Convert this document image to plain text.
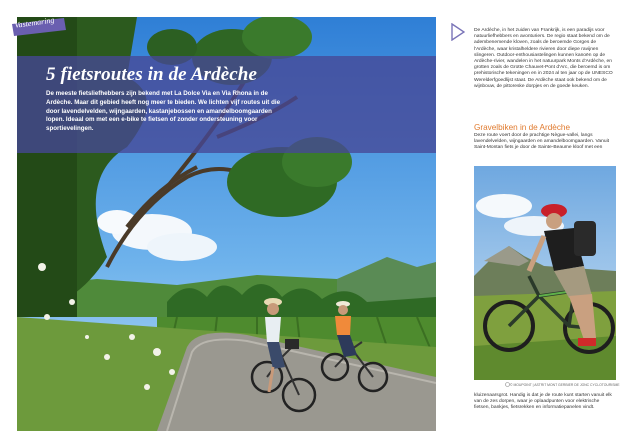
Vastemaring
5 fietsroutes in de Ardèche
De meeste fietsliefhebbers zijn bekend met La Dolce Via en Via Rhona in de Ardèche. Maar dit gebied heeft nog meer te bieden. We lichten vijf routes uit die door lavendelvelden, wijngaarden, kastanjebossen en amandelboomgaarden lopen. Ideaal om met een e-bike te fietsen of zonder ondersteuning voor sportievelingen.
De Ardèche, in het zuiden van Frankrijk, is een paradijs voor natuurliefhebbers en avonturiers. De regio staat bekend om de adembenemende kloven, zoals de beroemde Gorges de l'Ardèche, waar kristalheldere rivieren door diepe ravijnen slingeren. Outdoor-enthousiastelingen kunnen kanoën op de Ardèche-rivier, wandelen in het natuurpark Monts d'Ardèche, en grotten zoals de Grotte Chauvet-Pont d'Arc, die beroemd is om prehistorische tekeningen en in 2024 al ten jaar op de UNESCO Werelderfgoedlijst staat. De Ardèche staat ook bekend om de wijnbouw, de pittoreske dorpjes en de goede keuken.
Gravelbiken in de Ardèche
Deze route voert door de prachtige Nègue-vallei, langs lavendelvelden, wijngaarden en amandelboomgaarden. Vanuit Saint-Montan fiets je door de Sainte-Beaume kloof met een
© MOUPOINT | ASTRIT MONT GERBIER DE JONC CYCLOTOURISME
kluizenaarsgrot. Handig is dat je de route kunt starten vanuit elk van de zes dorpen, waar je oplaadpunten voor elektrische fietsen, bankjes, fietsrekken en informatiepanelen vindt.
